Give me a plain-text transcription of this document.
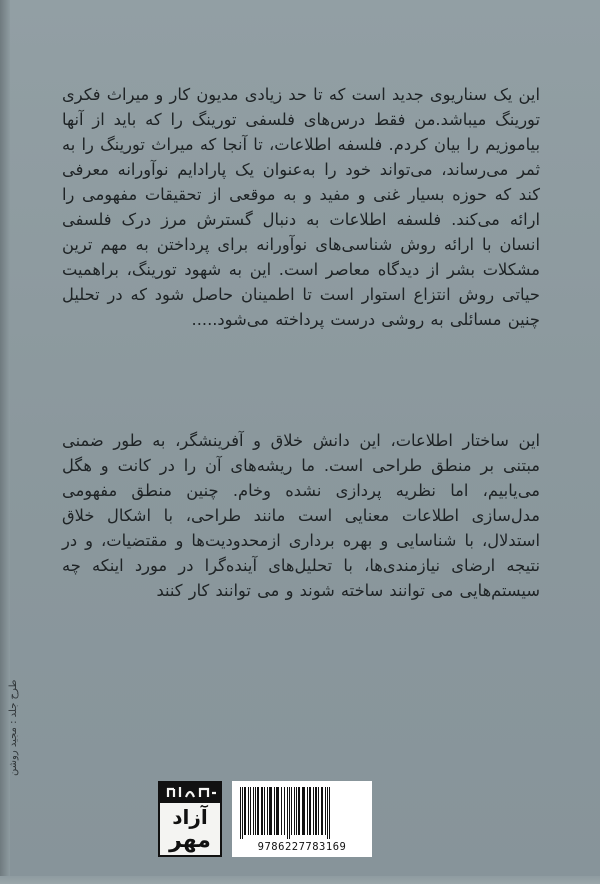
این یک سناریوی جدید است که تا حد زیادی مدیون کار و میراث فکری تورینگ میباشد.من فقط درس‌های فلسفی تورینگ را که باید از آنها بیاموزیم را بیان کردم. فلسفه اطلاعات، تا آنجا که میراث تورینگ را به ثمر می‌رساند، می‌تواند خود را به‌عنوان یک پارادایم نوآورانه معرفی کند که حوزه بسیار غنی و مفید و به موقعی از تحقیقات مفهومی را ارائه می‌کند. فلسفه اطلاعات به دنبال گسترش مرز درک فلسفی انسان با ارائه روش شناسی‌های نوآورانه برای پرداختن به مهم ترین مشکلات بشر از دیدگاه معاصر است. این به شهود تورینگ، براهمیت حیاتی روش انتزاع استوار است تا اطمینان حاصل شود که در تحلیل چنین مسائلی به روشی درست پرداخته می‌شود.....
این ساختار اطلاعات، این دانش خلاق و آفرینشگر، به طور ضمنی مبتنی بر منطق طراحی است. ما ریشه‌های آن را در کانت و هگل می‌یابیم، اما نظریه پردازی نشده وخام. چنین منطق مفهومی مدل‌سازی اطلاعات معنایی است مانند طراحی، با اشکال خلاق استدلال، با شناسایی و بهره برداری ازمحدودیت‌ها و مقتضیات، و در نتیجه ارضای نیازمندی‌ها، با تحلیل‌های آینده‌گرا در مورد اینکه چه سیستم‌هایی می توانند ساخته شوند و می توانند کار کنند
طرح جلد : مجید روشن
آزاد
مهر	9786227783169
